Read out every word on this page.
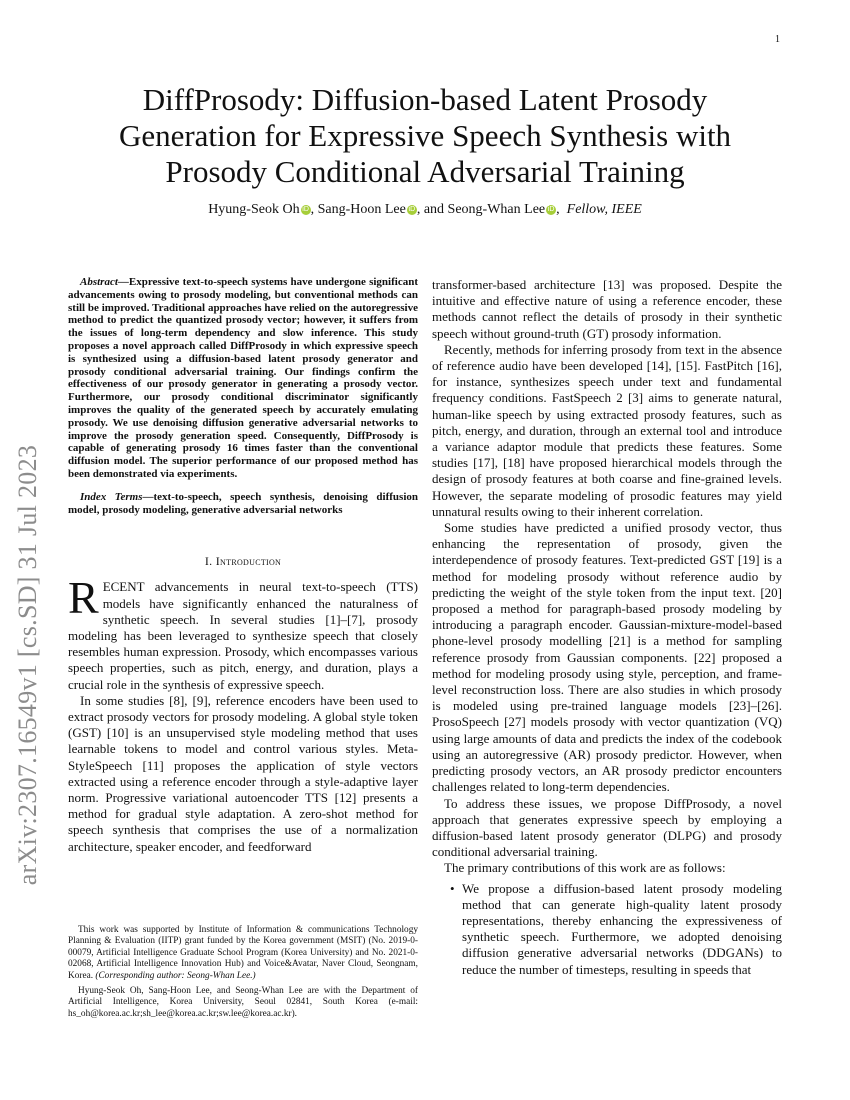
1
arXiv:2307.16549v1 [cs.SD] 31 Jul 2023
DiffProsody: Diffusion-based Latent Prosody
Generation for Expressive Speech Synthesis with
Prosody Conditional Adversarial Training
Hyung-Seok Oh iD , Sang-Hoon Lee iD , and Seong-Whan Lee iD , Fellow, IEEE

Abstract—Expressive text-to-speech systems have undergone significant advancements owing to prosody modeling, but conventional methods can still be improved. Traditional approaches have relied on the autoregressive method to predict the quantized prosody vector; however, it suffers from the issues of long-term dependency and slow inference. This study proposes a novel approach called DiffProsody in which expressive speech is synthesized using a diffusion-based latent prosody generator and prosody conditional adversarial training. Our findings confirm the effectiveness of our prosody generator in generating a prosody vector. Furthermore, our prosody conditional discriminator significantly improves the quality of the generated speech by accurately emulating prosody. We use denoising diffusion generative adversarial networks to improve the prosody generation speed. Consequently, DiffProsody is capable of generating prosody 16 times faster than the conventional diffusion model. The superior performance of our proposed method has been demonstrated via experiments.

Index Terms—text-to-speech, speech synthesis, denoising diffusion model, prosody modeling, generative adversarial networks

I. Introduction

RECENT advancements in neural text-to-speech (TTS) models have significantly enhanced the naturalness of synthetic speech. In several studies [1]–[7], prosody modeling has been leveraged to synthesize speech that closely resembles human expression. Prosody, which encompasses various speech properties, such as pitch, energy, and duration, plays a crucial role in the synthesis of expressive speech.

In some studies [8], [9], reference encoders have been used to extract prosody vectors for prosody modeling. A global style token (GST) [10] is an unsupervised style modeling method that uses learnable tokens to model and control various styles. Meta-StyleSpeech [11] proposes the application of style vectors extracted using a reference encoder through a style-adaptive layer norm. Progressive variational autoencoder TTS [12] presents a method for gradual style adaptation. A zero-shot method for speech synthesis that comprises the use of a normalization architecture, speaker encoder, and feedforward

This work was supported by Institute of Information & communications Technology Planning & Evaluation (IITP) grant funded by the Korea government (MSIT) (No. 2019-0-00079, Artificial Intelligence Graduate School Program (Korea University) and No. 2021-0-02068, Artificial Intelligence Innovation Hub) and Voice&Avatar, Naver Cloud, Seongnam, Korea. (Corresponding author: Seong-Whan Lee.)

Hyung-Seok Oh, Sang-Hoon Lee, and Seong-Whan Lee are with the Department of Artificial Intelligence, Korea University, Seoul 02841, South Korea (e-mail: hs_oh@korea.ac.kr;sh_lee@korea.ac.kr;sw.lee@korea.ac.kr).

transformer-based architecture [13] was proposed. Despite the intuitive and effective nature of using a reference encoder, these methods cannot reflect the details of prosody in their synthetic speech without ground-truth (GT) prosody information.

Recently, methods for inferring prosody from text in the absence of reference audio have been developed [14], [15]. FastPitch [16], for instance, synthesizes speech under text and fundamental frequency conditions. FastSpeech 2 [3] aims to generate natural, human-like speech by using extracted prosody features, such as pitch, energy, and duration, through an external tool and introduce a variance adaptor module that predicts these features. Some studies [17], [18] have proposed hierarchical models through the design of prosody features at both coarse and fine-grained levels. However, the separate modeling of prosodic features may yield unnatural results owing to their inherent correlation.

Some studies have predicted a unified prosody vector, thus enhancing the representation of prosody, given the interdependence of prosody features. Text-predicted GST [19] is a method for modeling prosody without reference audio by predicting the weight of the style token from the input text. [20] proposed a method for paragraph-based prosody modeling by introducing a paragraph encoder. Gaussian-mixture-model-based phone-level prosody modelling [21] is a method for sampling reference prosody from Gaussian components. [22] proposed a method for modeling prosody using style, perception, and frame-level reconstruction loss. There are also studies in which prosody is modeled using pre-trained language models [23]–[26]. ProsoSpeech [27] models prosody with vector quantization (VQ) using large amounts of data and predicts the index of the codebook using an autoregressive (AR) prosody predictor. However, when predicting prosody vectors, an AR prosody predictor encounters challenges related to long-term dependencies.

To address these issues, we propose DiffProsody, a novel approach that generates expressive speech by employing a diffusion-based latent prosody generator (DLPG) and prosody conditional adversarial training.

The primary contributions of this work are as follows:

• We propose a diffusion-based latent prosody modeling method that can generate high-quality latent prosody representations, thereby enhancing the expressiveness of synthetic speech. Furthermore, we adopted denoising diffusion generative adversarial networks (DDGANs) to reduce the number of timesteps, resulting in speeds that
